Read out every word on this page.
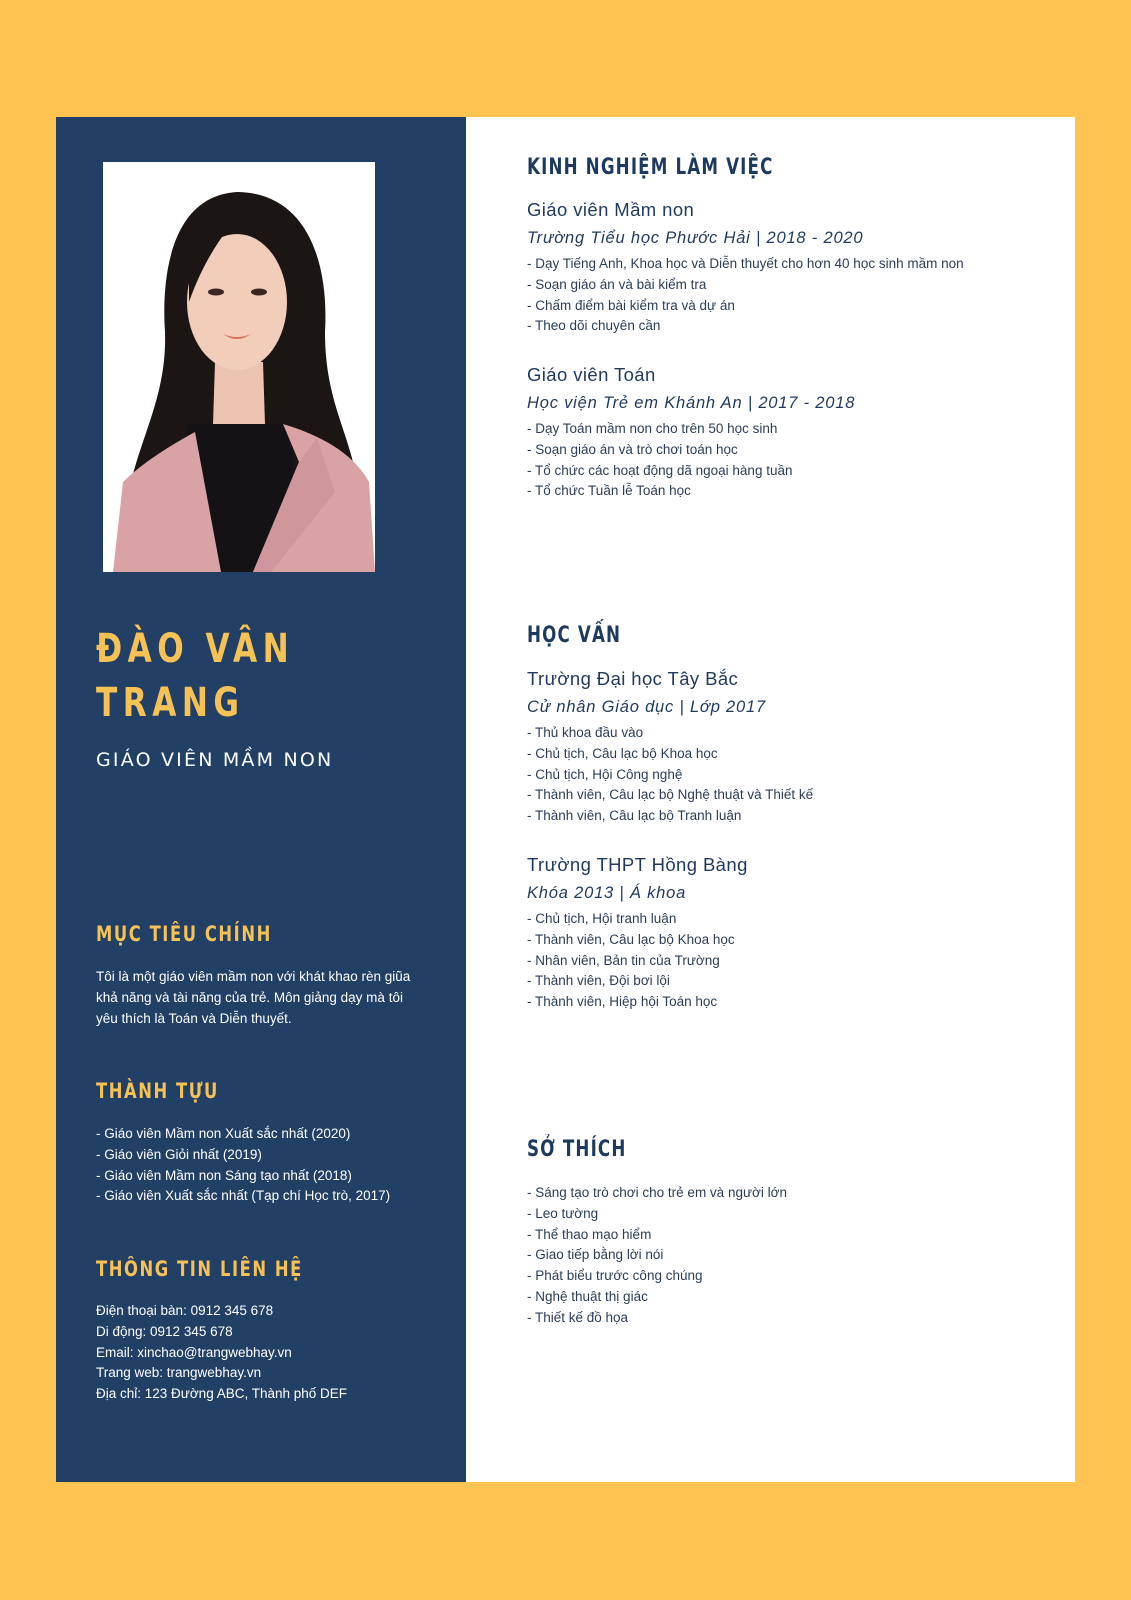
ĐÀO VÂN
TRANG
GIÁO VIÊN MẦM NON
MỤC TIÊU CHÍNH
Tôi là một giáo viên mầm non với khát khao rèn giũa khả năng và tài năng của trẻ. Môn giảng dạy mà tôi yêu thích là Toán và Diễn thuyết.
THÀNH TỰU
- Giáo viên Mầm non Xuất sắc nhất (2020)
- Giáo viên Giỏi nhất (2019)
- Giáo viên Mầm non Sáng tạo nhất (2018)
- Giáo viên Xuất sắc nhất (Tạp chí Học trò, 2017)
THÔNG TIN LIÊN HỆ
Điện thoại bàn: 0912 345 678
Di động: 0912 345 678
Email: xinchao@trangwebhay.vn
Trang web: trangwebhay.vn
Địa chỉ: 123 Đường ABC, Thành phố DEF
KINH NGHIỆM LÀM VIỆC
Giáo viên Mầm non
Trường Tiểu học Phước Hải | 2018 - 2020
- Dạy Tiếng Anh, Khoa học và Diễn thuyết cho hơn 40 học sinh mầm non
- Soạn giáo án và bài kiểm tra
- Chấm điểm bài kiểm tra và dự án
- Theo dõi chuyên cần
Giáo viên Toán
Học viện Trẻ em Khánh An | 2017 - 2018
- Dạy Toán mầm non cho trên 50 học sinh
- Soạn giáo án và trò chơi toán học
- Tổ chức các hoạt động dã ngoại hàng tuần
- Tổ chức Tuần lễ Toán học
HỌC VẤN
Trường Đại học Tây Bắc
Cử nhân Giáo dục | Lớp 2017
- Thủ khoa đầu vào
- Chủ tịch, Câu lạc bộ Khoa học
- Chủ tịch, Hội Công nghệ
- Thành viên, Câu lạc bộ Nghệ thuật và Thiết kế
- Thành viên, Câu lạc bộ Tranh luận
Trường THPT Hồng Bàng
Khóa 2013 | Á khoa
- Chủ tịch, Hội tranh luận
- Thành viên, Câu lạc bộ Khoa học
- Nhân viên, Bản tin của Trường
- Thành viên, Đội bơi lội
- Thành viên, Hiệp hội Toán học
SỞ THÍCH
- Sáng tạo trò chơi cho trẻ em và người lớn
- Leo tường
- Thể thao mạo hiểm
- Giao tiếp bằng lời nói
- Phát biểu trước công chúng
- Nghệ thuật thị giác
- Thiết kế đồ họa
